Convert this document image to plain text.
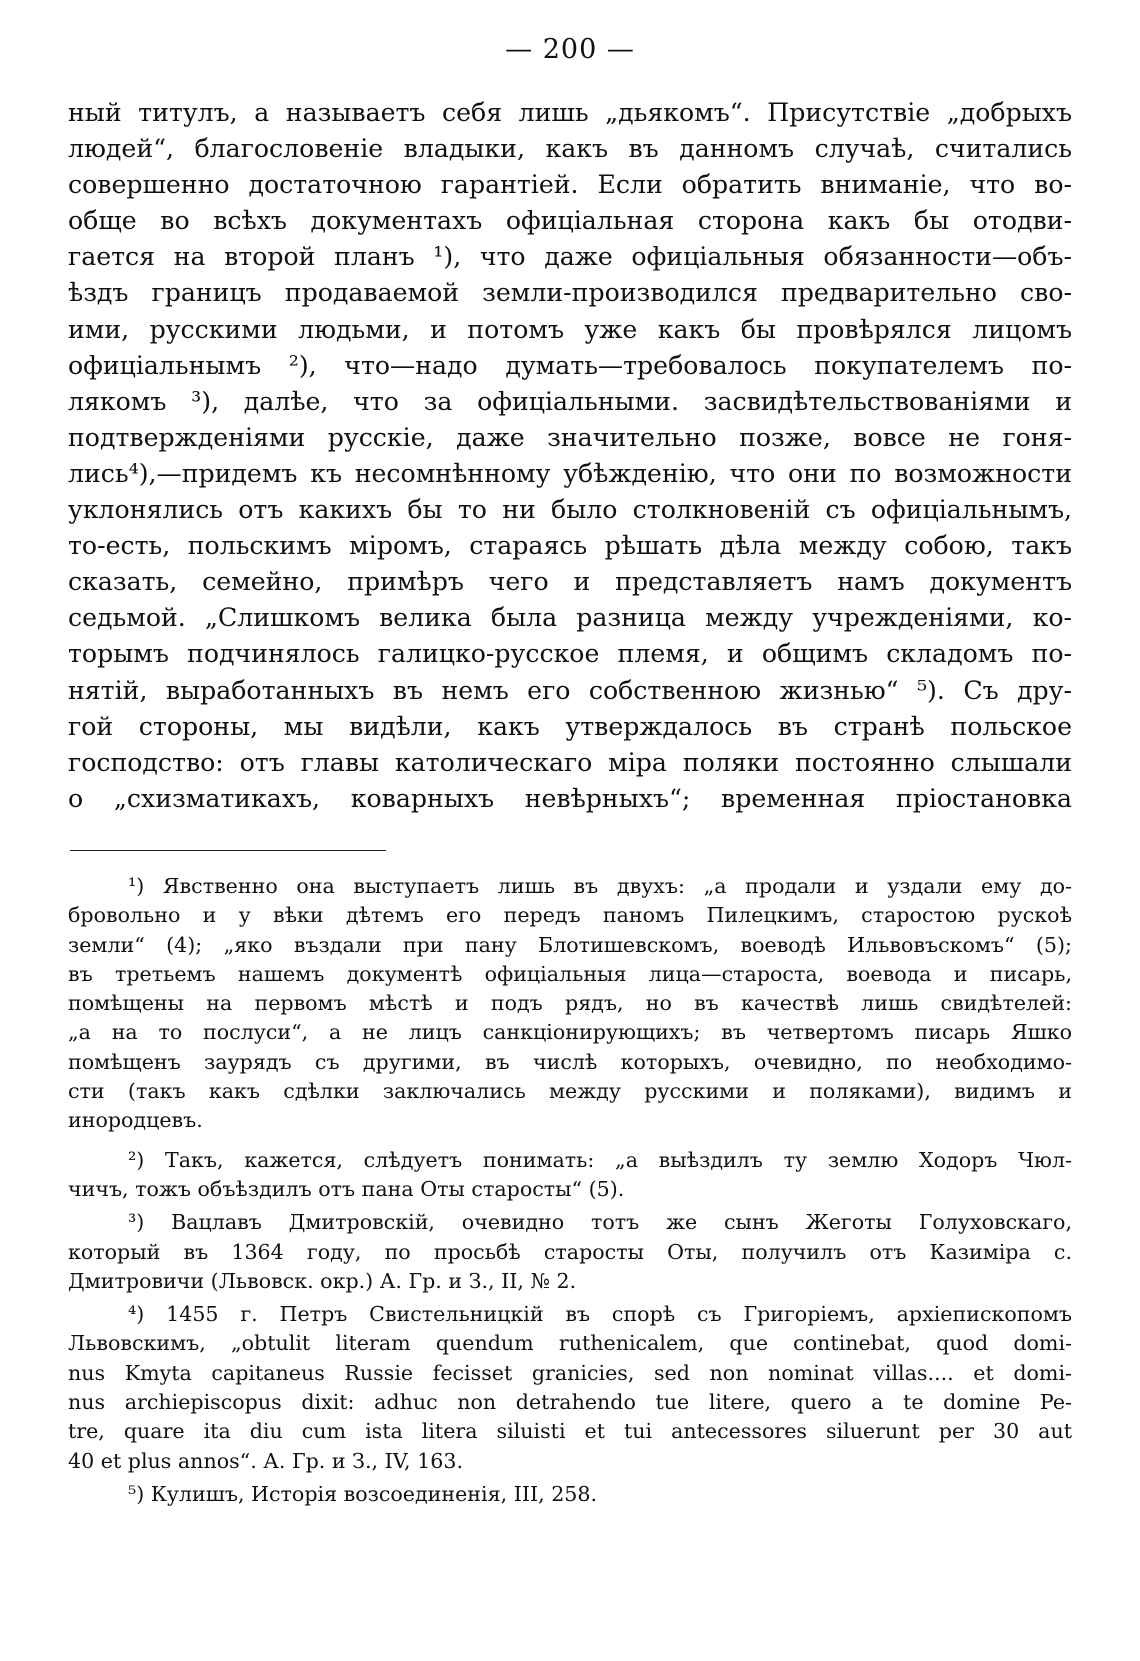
— 200 —
ный титулъ, а называетъ себя лишь „дьякомъ“. Присутствіе „добрыхъ
людей“, благословеніе владыки, какъ въ данномъ случаѣ, считались
совершенно достаточною гарантіей. Если обратить вниманіе, что во-
обще во всѣхъ документахъ офиціальная сторона какъ бы отодви-
гается на второй планъ ¹), что даже офиціальныя обязанности—объ-
ѣздъ границъ продаваемой земли-производился предварительно сво-
ими, русскими людьми, и потомъ уже какъ бы провѣрялся лицомъ
офиціальнымъ ²), что—надо думать—требовалось покупателемъ по-
лякомъ ³), далѣе, что за офиціальными. засвидѣтельствованіями и
подтвержденіями русскіе, даже значительно позже, вовсе не гоня-
лись⁴),—придемъ къ несомнѣнному убѣжденію, что они по возможности
уклонялись отъ какихъ бы то ни было столкновеній съ офиціальнымъ,
то-есть, польскимъ міромъ, стараясь рѣшать дѣла между собою, такъ
сказать, семейно, примѣръ чего и представляетъ намъ документъ
седьмой. „Слишкомъ велика была разница между учрежденіями, ко-
торымъ подчинялось галицко-русское племя, и общимъ складомъ по-
нятій, выработанныхъ въ немъ его собственною жизнью“ ⁵). Съ дру-
гой стороны, мы видѣли, какъ утверждалось въ странѣ польское
господство: отъ главы католическаго міра поляки постоянно слышали
о „схизматикахъ, коварныхъ невѣрныхъ“; временная пріостановка
¹) Явственно она выступаетъ лишь въ двухъ: „а продали и уздали ему до-
бровольно и у вѣки дѣтемъ его передъ паномъ Пилецкимъ, старостою рускоѣ
земли“ (4); „яко въздали при пану Блотишевскомъ, воеводѣ Ильвовъскомъ“ (5);
въ третьемъ нашемъ документѣ офиціальныя лица—староста, воевода и писарь,
помѣщены на первомъ мѣстѣ и подъ рядъ, но въ качествѣ лишь свидѣтелей:
„а на то послуси“, а не лицъ санкціонирующихъ; въ четвертомъ писарь Яшко
помѣщенъ заурядъ съ другими, въ числѣ которыхъ, очевидно, по необходимо-
сти (такъ какъ сдѣлки заключались между русскими и поляками), видимъ и
инородцевъ.
²) Такъ, кажется, слѣдуетъ понимать: „а выѣздилъ ту землю Ходоръ Чюл-
чичъ, тожъ объѣздилъ отъ пана Оты старосты“ (5).
³) Вацлавъ Дмитровскій, очевидно тотъ же сынъ Жеготы Голуховскаго,
который въ 1364 году, по просьбѣ старосты Оты, получилъ отъ Казиміра с.
Дмитровичи (Львовск. окр.) А. Гр. и З., II, № 2.
⁴) 1455 г. Петръ Свистельницкій въ спорѣ съ Григоріемъ, архіепископомъ
Львовскимъ, „obtulit literam quendum ruthenicalem, que continebat, quod domi-
nus Kmyta capitaneus Russie fecisset granicies, sed non nominat villas.... et domi-
nus archiepiscopus dixit: adhuc non detrahendo tue litere, quero a te domine Pe-
tre, quare ita diu cum ista litera siluisti et tui antecessores siluerunt per 30 aut
40 et plus annos“. А. Гр. и З., IV, 163.
⁵) Кулишъ, Исторія возсоединенія, III, 258.
